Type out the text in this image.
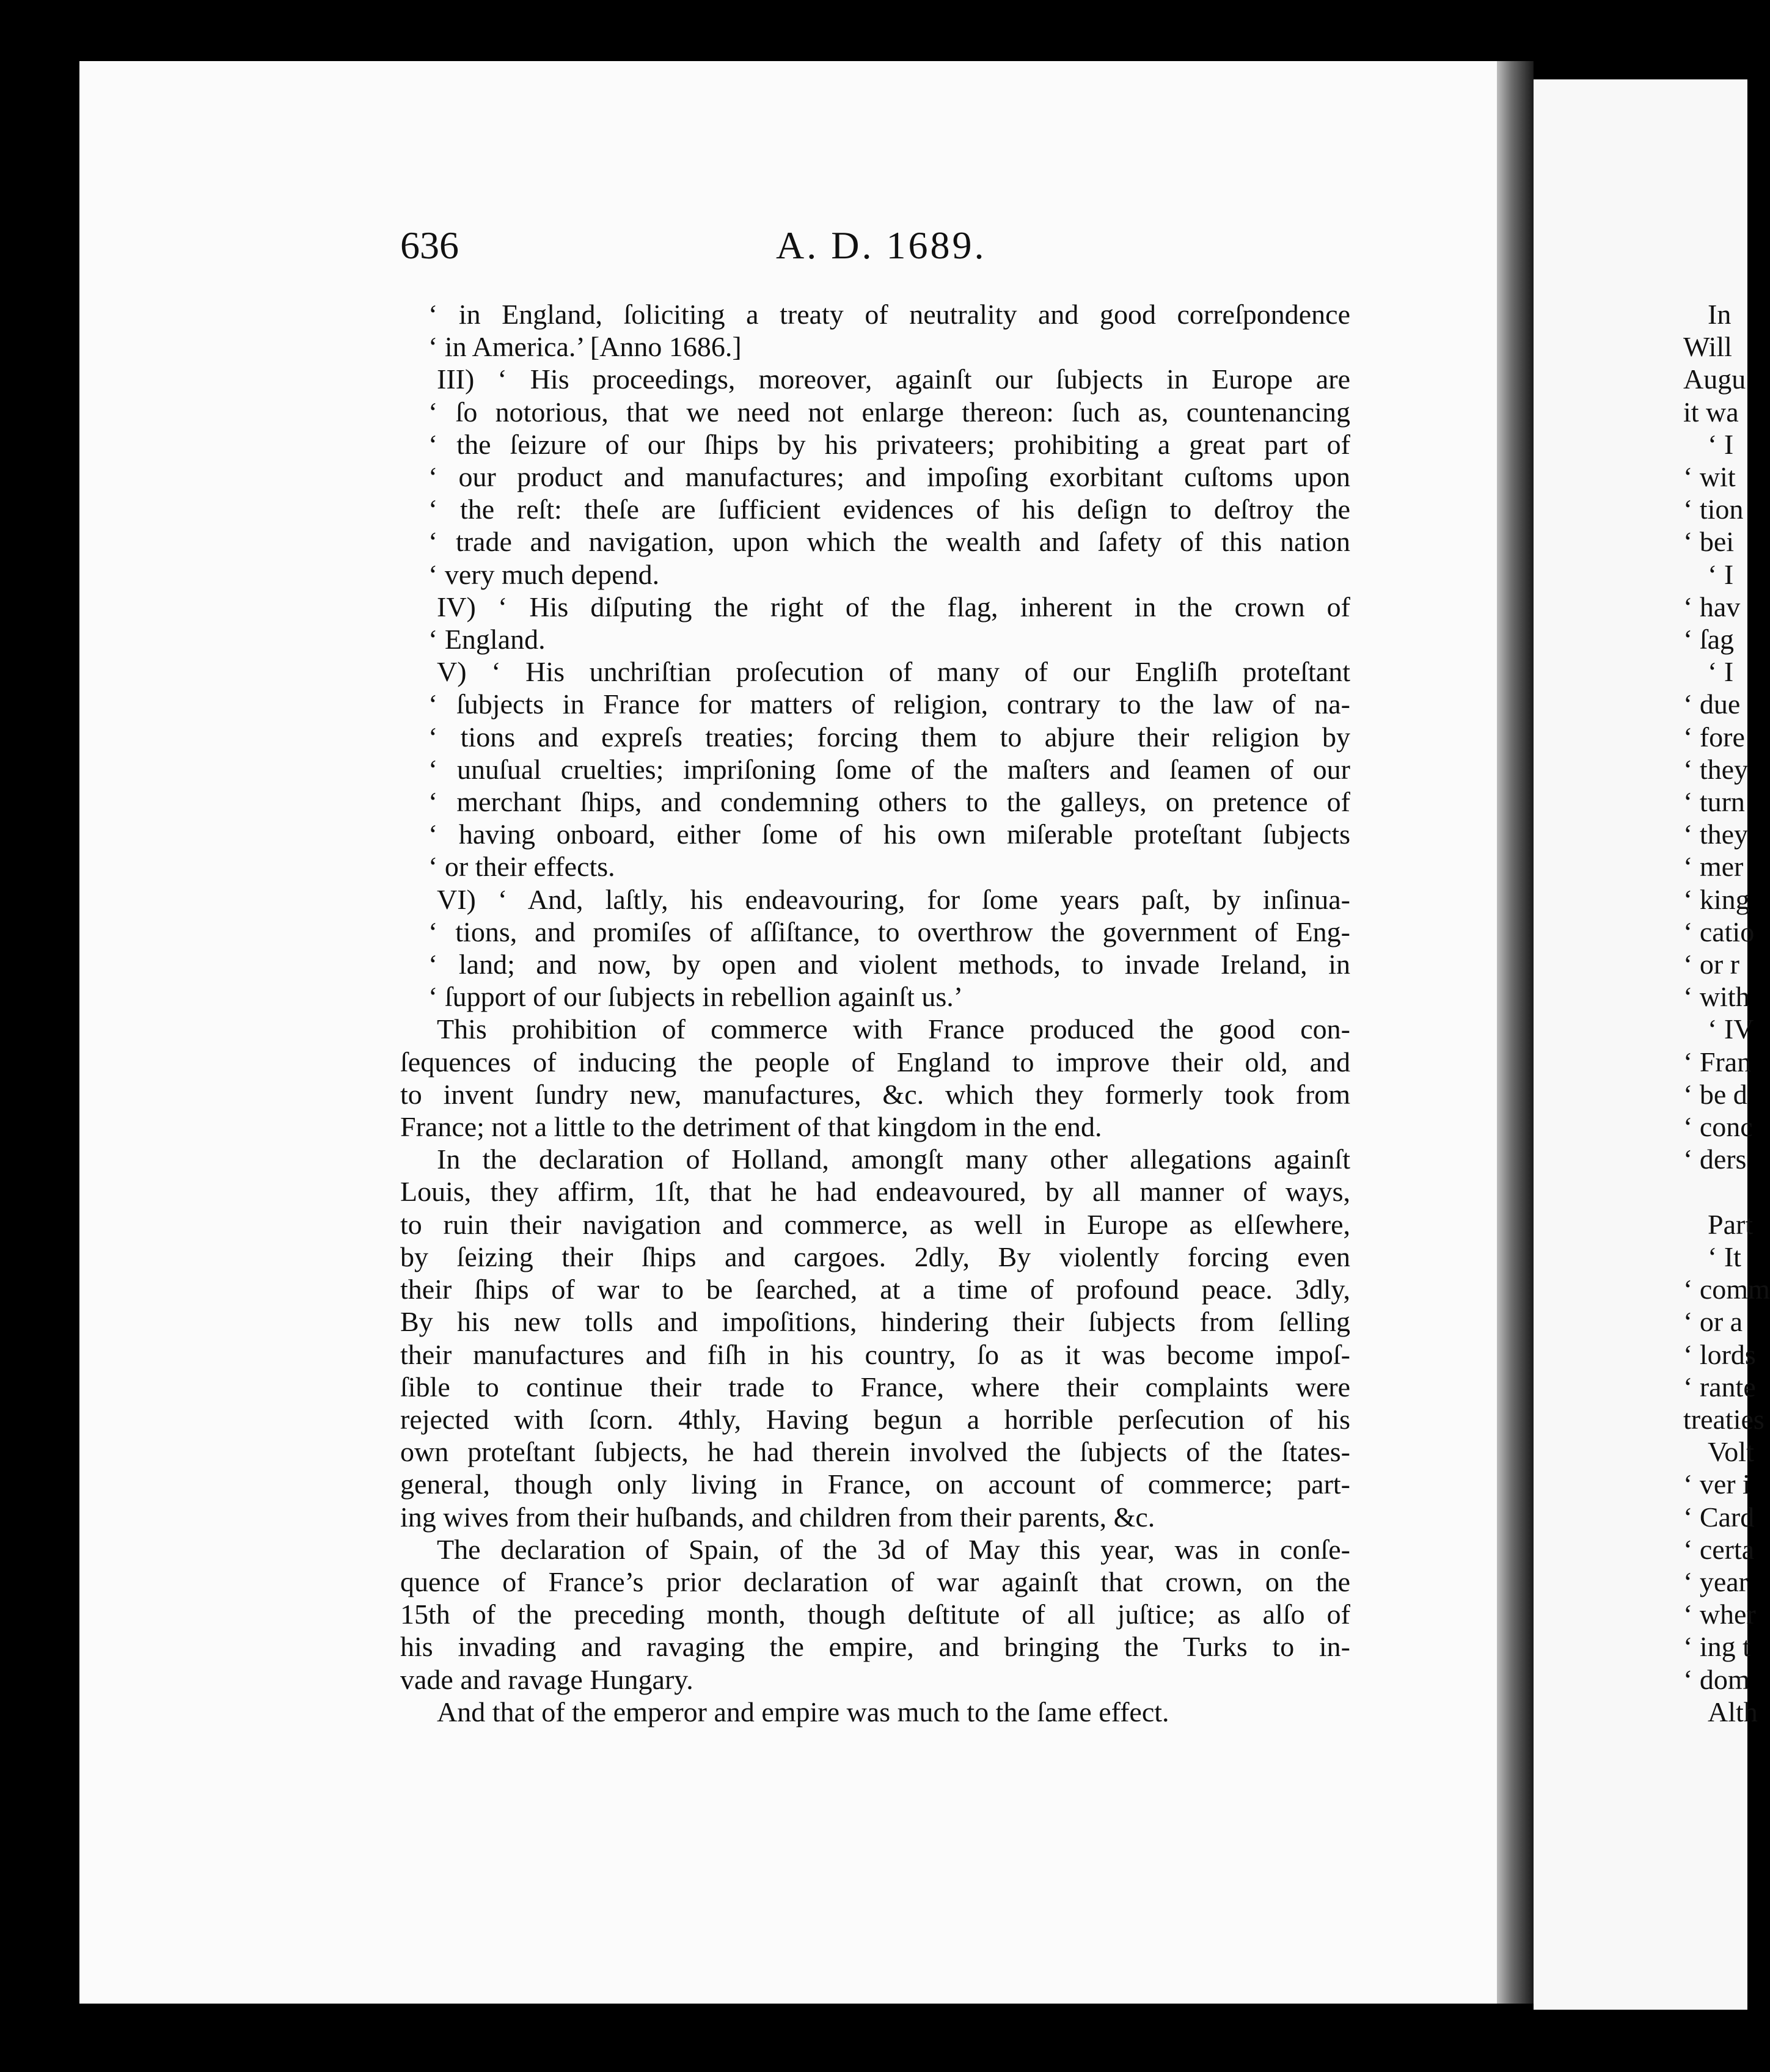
636	A. D. 1689.
‘ in England, ſoliciting a treaty of neutrality and good correſpondence
‘ in America.’ [Anno 1686.]
III) ‘ His proceedings, moreover, againſt our ſubjects in Europe are
‘ ſo notorious, that we need not enlarge thereon: ſuch as, countenancing
‘ the ſeizure of our ſhips by his privateers; prohibiting a great part of
‘ our product and manufactures; and impoſing exorbitant cuſtoms upon
‘ the reſt: theſe are ſufficient evidences of his deſign to deſtroy the
‘ trade and navigation, upon which the wealth and ſafety of this nation
‘ very much depend.
IV) ‘ His diſputing the right of the flag, inherent in the crown of
‘ England.
V) ‘ His unchriſtian proſecution of many of our Engliſh proteſtant
‘ ſubjects in France for matters of religion, contrary to the law of na-
‘ tions and expreſs treaties; forcing them to abjure their religion by
‘ unuſual cruelties; impriſoning ſome of the maſters and ſeamen of our
‘ merchant ſhips, and condemning others to the galleys, on pretence of
‘ having onboard, either ſome of his own miſerable proteſtant ſubjects
‘ or their effects.
VI) ‘ And, laſtly, his endeavouring, for ſome years paſt, by inſinua-
‘ tions, and promiſes of aſſiſtance, to overthrow the government of Eng-
‘ land; and now, by open and violent methods, to invade Ireland, in
‘ ſupport of our ſubjects in rebellion againſt us.’
This prohibition of commerce with France produced the good con-
ſequences of inducing the people of England to improve their old, and
to invent ſundry new, manufactures, &c. which they formerly took from
France; not a little to the detriment of that kingdom in the end.
In the declaration of Holland, amongſt many other allegations againſt
Louis, they affirm, 1ſt, that he had endeavoured, by all manner of ways,
to ruin their navigation and commerce, as well in Europe as elſewhere,
by ſeizing their ſhips and cargoes. 2dly, By violently forcing even
their ſhips of war to be ſearched, at a time of profound peace. 3dly,
By his new tolls and impoſitions, hindering their ſubjects from ſelling
their manufactures and fiſh in his country, ſo as it was become impoſ-
ſible to continue their trade to France, where their complaints were
rejected with ſcorn. 4thly, Having begun a horrible perſecution of his
own proteſtant ſubjects, he had therein involved the ſubjects of the ſtates-
general, though only living in France, on account of commerce; part-
ing wives from their huſbands, and children from their parents, &c.
The declaration of Spain, of the 3d of May this year, was in conſe-
quence of France’s prior declaration of war againſt that crown, on the
15th of the preceding month, though deſtitute of all juſtice; as alſo of
his invading and ravaging the empire, and bringing the Turks to in-
vade and ravage Hungary.
And that of the emperor and empire was much to the ſame effect.
In
Will
Augu
it wa
‘ I
‘ wit
‘ tion
‘ bei
‘ I
‘ hav
‘ ſag
‘ I
‘ due
‘ fore
‘ they
‘ turn
‘ they
‘ mer
‘ king
‘ catio
‘ or r
‘ with
‘ IV
‘ Fran
‘ be d
‘ conc
‘ ders

Part
‘ It
‘ comm
‘ or a
‘ lords
‘ rante
treaties
Volt
‘ ver i
‘ Card
‘ certa
‘ year
‘ wher
‘ ing t
‘ dom
Alth
